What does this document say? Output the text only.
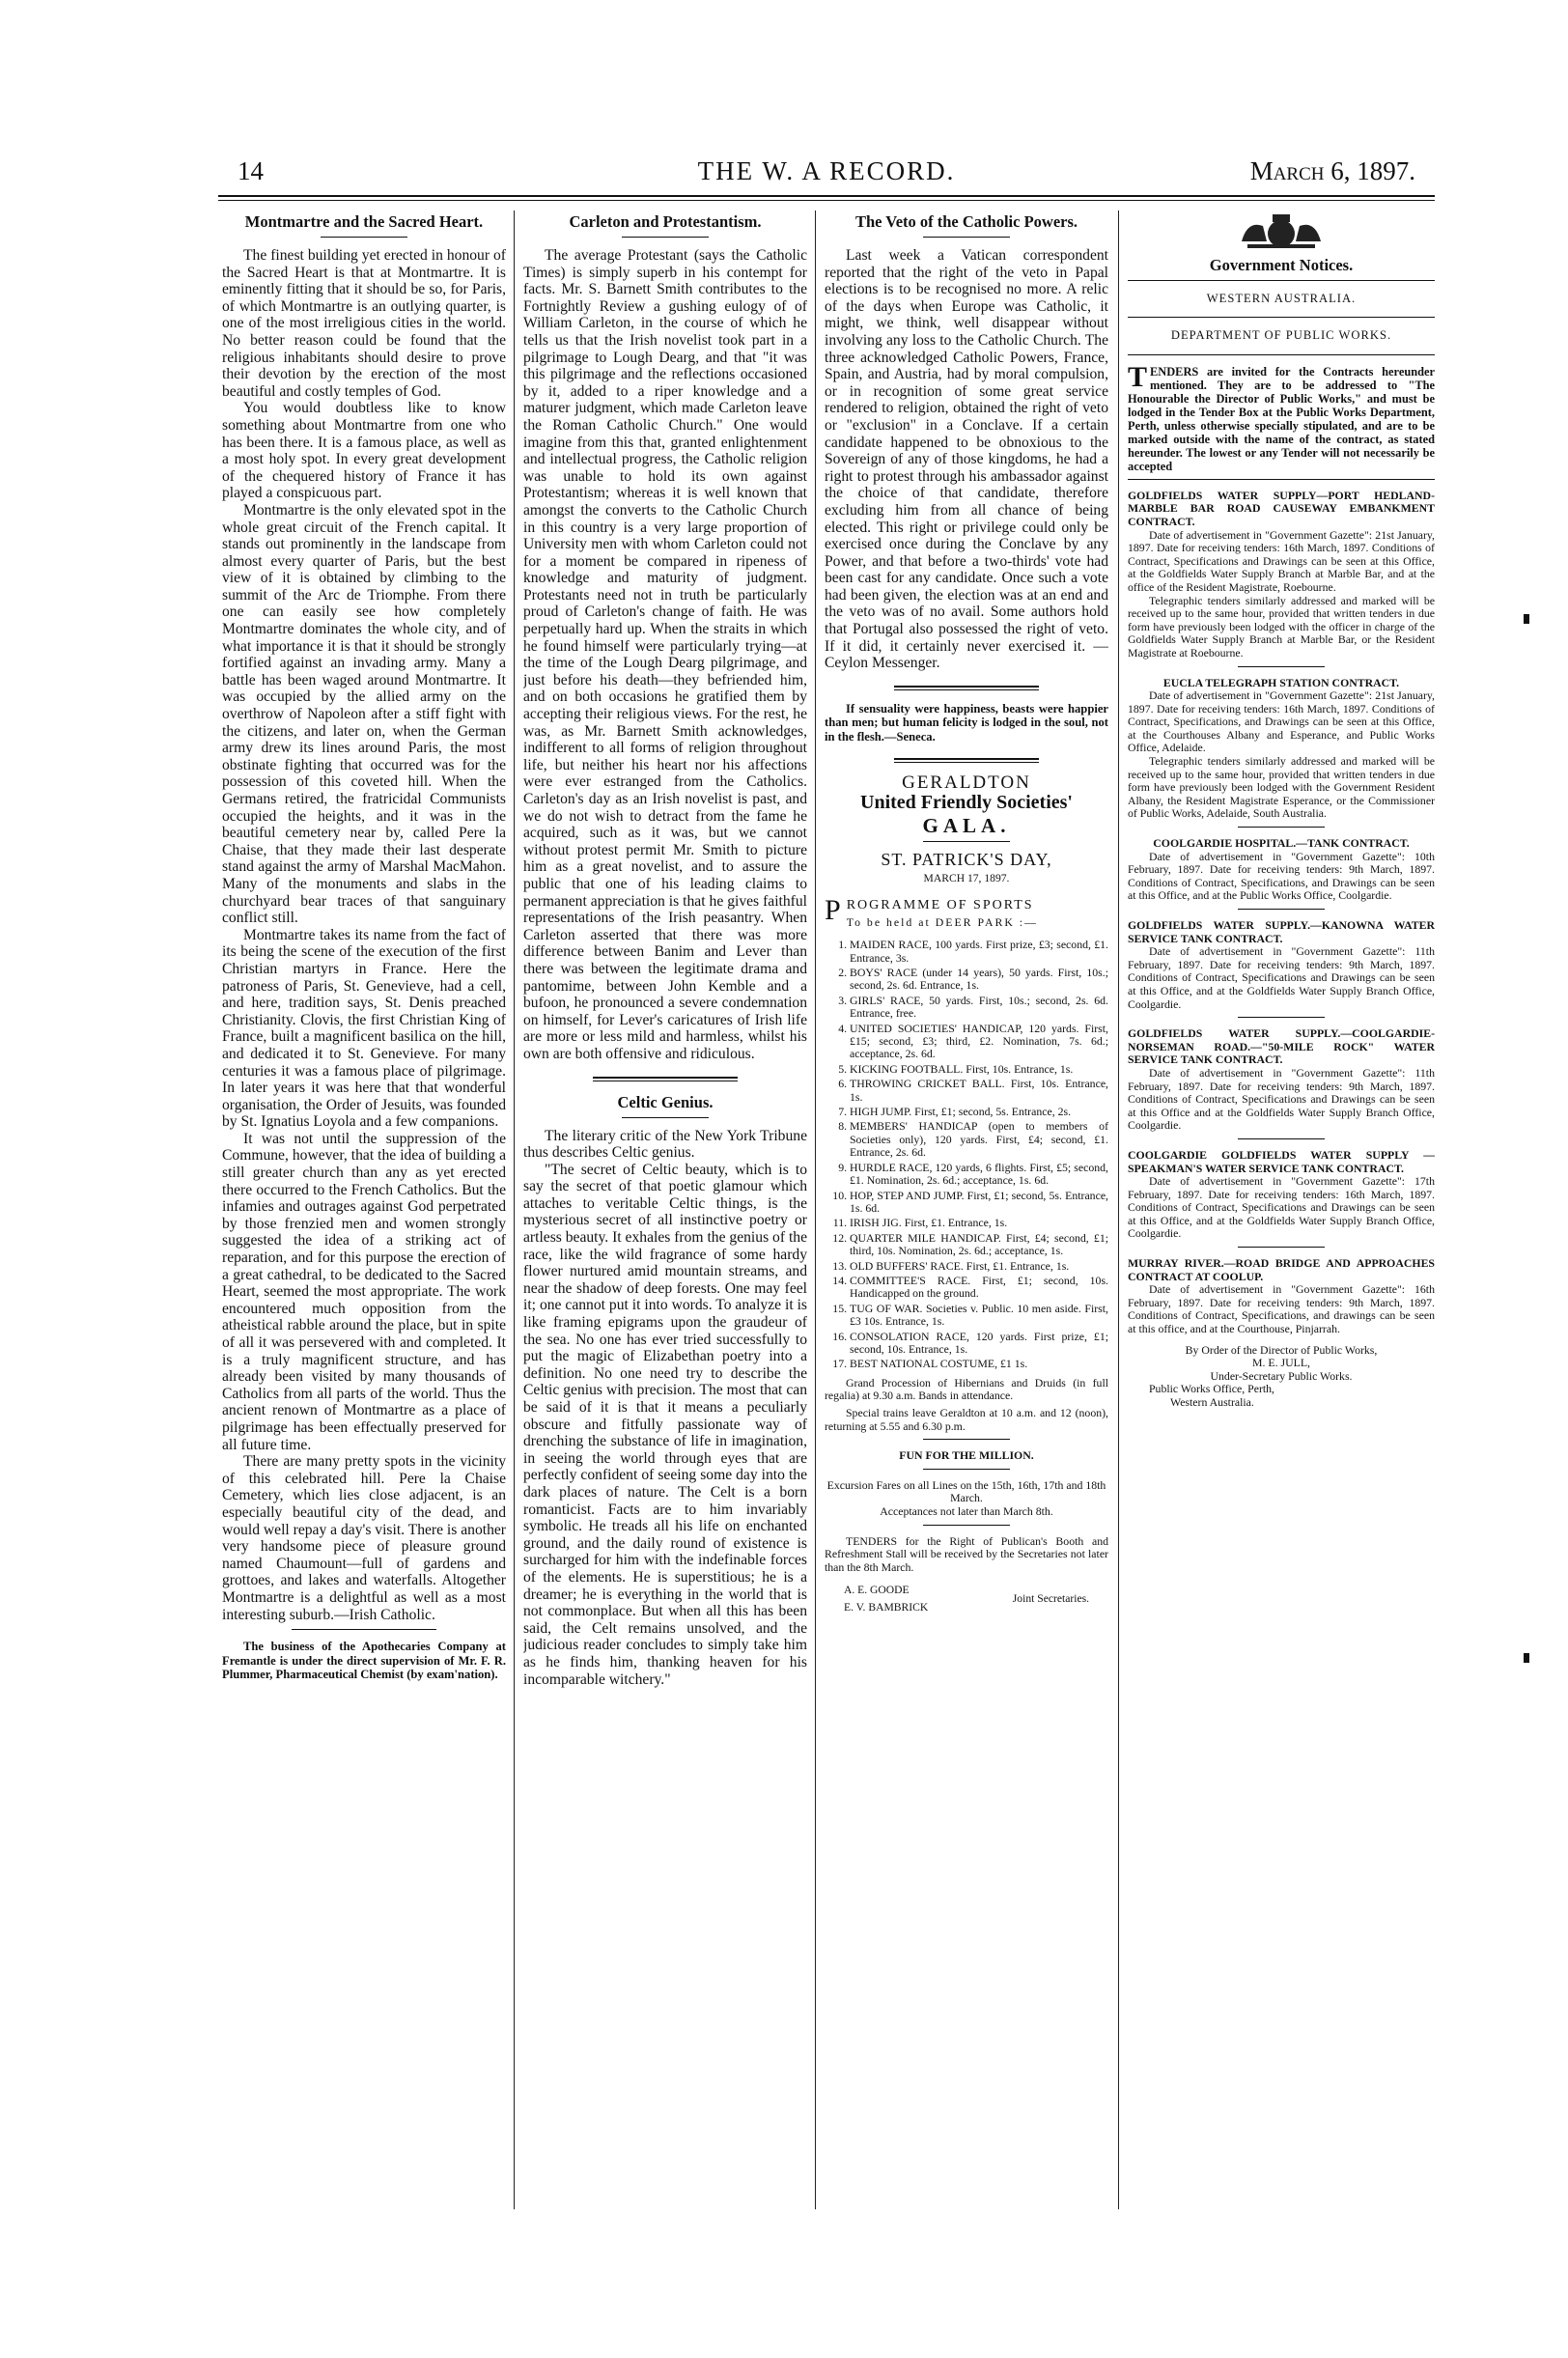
14	THE W. A RECORD.	March 6, 1897.
Montmartre and the Sacred Heart.

The finest building yet erected in honour of the Sacred Heart is that at Montmartre. It is eminently fitting that it should be so, for Paris, of which Montmartre is an outlying quarter, is one of the most irreligious cities in the world. No better reason could be found that the religious inhabitants should desire to prove their devotion by the erection of the most beautiful and costly temples of God.

You would doubtless like to know something about Montmartre from one who has been there. It is a famous place, as well as a most holy spot. In every great development of the chequered history of France it has played a conspicuous part.

Montmartre is the only elevated spot in the whole great circuit of the French capital. It stands out prominently in the landscape from almost every quarter of Paris, but the best view of it is obtained by climbing to the summit of the Arc de Triomphe. From there one can easily see how completely Montmartre dominates the whole city, and of what importance it is that it should be strongly fortified against an invading army. Many a battle has been waged around Montmartre. It was occupied by the allied army on the overthrow of Napoleon after a stiff fight with the citizens, and later on, when the German army drew its lines around Paris, the most obstinate fighting that occurred was for the possession of this coveted hill. When the Germans retired, the fratricidal Communists occupied the heights, and it was in the beautiful cemetery near by, called Pere la Chaise, that they made their last desperate stand against the army of Marshal MacMahon. Many of the monuments and slabs in the churchyard bear traces of that sanguinary conflict still.

Montmartre takes its name from the fact of its being the scene of the execution of the first Christian martyrs in France. Here the patroness of Paris, St. Genevieve, had a cell, and here, tradition says, St. Denis preached Christianity. Clovis, the first Christian King of France, built a magnificent basilica on the hill, and dedicated it to St. Genevieve. For many centuries it was a famous place of pilgrimage. In later years it was here that that wonderful organisation, the Order of Jesuits, was founded by St. Ignatius Loyola and a few companions.

It was not until the suppression of the Commune, however, that the idea of building a still greater church than any as yet erected there occurred to the French Catholics. But the infamies and outrages against God perpetrated by those frenzied men and women strongly suggested the idea of a striking act of reparation, and for this purpose the erection of a great cathedral, to be dedicated to the Sacred Heart, seemed the most appropriate. The work encountered much opposition from the atheistical rabble around the place, but in spite of all it was persevered with and completed. It is a truly magnificent structure, and has already been visited by many thousands of Catholics from all parts of the world. Thus the ancient renown of Montmartre as a place of pilgrimage has been effectually preserved for all future time.

There are many pretty spots in the vicinity of this celebrated hill. Pere la Chaise Cemetery, which lies close adjacent, is an especially beautiful city of the dead, and would well repay a day's visit. There is another very handsome piece of pleasure ground named Chaumount—full of gardens and grottoes, and lakes and waterfalls. Altogether Montmartre is a delightful as well as a most interesting suburb.—Irish Catholic.

The business of the Apothecaries Company at Fremantle is under the direct supervision of Mr. F. R. Plummer, Pharmaceutical Chemist (by exam'nation).

Carleton and Protestantism.

The average Protestant (says the Catholic Times) is simply superb in his contempt for facts. Mr. S. Barnett Smith contributes to the Fortnightly Review a gushing eulogy of of William Carleton, in the course of which he tells us that the Irish novelist took part in a pilgrimage to Lough Dearg, and that "it was this pilgrimage and the reflections occasioned by it, added to a riper knowledge and a maturer judgment, which made Carleton leave the Roman Catholic Church." One would imagine from this that, granted enlightenment and intellectual progress, the Catholic religion was unable to hold its own against Protestantism; whereas it is well known that amongst the converts to the Catholic Church in this country is a very large proportion of University men with whom Carleton could not for a moment be compared in ripeness of knowledge and maturity of judgment. Protestants need not in truth be particularly proud of Carleton's change of faith. He was perpetually hard up. When the straits in which he found himself were particularly trying—at the time of the Lough Dearg pilgrimage, and just before his death—they befriended him, and on both occasions he gratified them by accepting their religious views. For the rest, he was, as Mr. Barnett Smith acknowledges, indifferent to all forms of religion throughout life, but neither his heart nor his affections were ever estranged from the Catholics. Carleton's day as an Irish novelist is past, and we do not wish to detract from the fame he acquired, such as it was, but we cannot without protest permit Mr. Smith to picture him as a great novelist, and to assure the public that one of his leading claims to permanent appreciation is that he gives faithful representations of the Irish peasantry. When Carleton asserted that there was more difference between Banim and Lever than there was between the legitimate drama and pantomime, between John Kemble and a bufoon, he pronounced a severe condemnation on himself, for Lever's caricatures of Irish life are more or less mild and harmless, whilst his own are both offensive and ridiculous.

Celtic Genius.

The literary critic of the New York Tribune thus describes Celtic genius.

"The secret of Celtic beauty, which is to say the secret of that poetic glamour which attaches to veritable Celtic things, is the mysterious secret of all instinctive poetry or artless beauty. It exhales from the genius of the race, like the wild fragrance of some hardy flower nurtured amid mountain streams, and near the shadow of deep forests. One may feel it; one cannot put it into words. To analyze it is like framing epigrams upon the graudeur of the sea. No one has ever tried successfully to put the magic of Elizabethan poetry into a definition. No one need try to describe the Celtic genius with precision. The most that can be said of it is that it means a peculiarly obscure and fitfully passionate way of drenching the substance of life in imagination, in seeing the world through eyes that are perfectly confident of seeing some day into the dark places of nature. The Celt is a born romanticist. Facts are to him invariably symbolic. He treads all his life on enchanted ground, and the daily round of existence is surcharged for him with the indefinable forces of the elements. He is superstitious; he is a dreamer; he is everything in the world that is not commonplace. But when all this has been said, the Celt remains unsolved, and the judicious reader concludes to simply take him as he finds him, thanking heaven for his incomparable witchery."

The Veto of the Catholic Powers.

Last week a Vatican correspondent reported that the right of the veto in Papal elections is to be recognised no more. A relic of the days when Europe was Catholic, it might, we think, well disappear without involving any loss to the Catholic Church. The three acknowledged Catholic Powers, France, Spain, and Austria, had by moral compulsion, or in recognition of some great service rendered to religion, obtained the right of veto or "exclusion" in a Conclave. If a certain candidate happened to be obnoxious to the Sovereign of any of those kingdoms, he had a right to protest through his ambassador against the choice of that candidate, therefore excluding him from all chance of being elected. This right or privilege could only be exercised once during the Conclave by any Power, and that before a two-thirds' vote had been cast for any candidate. Once such a vote had been given, the election was at an end and the veto was of no avail. Some authors hold that Portugal also possessed the right of veto. If it did, it certainly never exercised it. —Ceylon Messenger.

If sensuality were happiness, beasts were happier than men; but human felicity is lodged in the soul, not in the flesh.—Seneca.

GERALDTON
United Friendly Societies'
GALA.
ST. PATRICK'S DAY,
MARCH 17, 1897.
P ROGRAMME OF SPORTS
To be held at DEER PARK :—
1. MAIDEN RACE, 100 yards. First prize, £3; second, £1. Entrance, 3s.
2. BOYS' RACE (under 14 years), 50 yards. First, 10s.; second, 2s. 6d. Entrance, 1s.
3. GIRLS' RACE, 50 yards. First, 10s.; second, 2s. 6d. Entrance, free.
4. UNITED SOCIETIES' HANDICAP, 120 yards. First, £15; second, £3; third, £2. Nomination, 7s. 6d.; acceptance, 2s. 6d.
5. KICKING FOOTBALL. First, 10s. Entrance, 1s.
6. THROWING CRICKET BALL. First, 10s. Entrance, 1s.
7. HIGH JUMP. First, £1; second, 5s. Entrance, 2s.
8. MEMBERS' HANDICAP (open to members of Societies only), 120 yards. First, £4; second, £1. Entrance, 2s. 6d.
9. HURDLE RACE, 120 yards, 6 flights. First, £5; second, £1. Nomination, 2s. 6d.; acceptance, 1s. 6d.
10. HOP, STEP AND JUMP. First, £1; second, 5s. Entrance, 1s. 6d.
11. IRISH JIG. First, £1. Entrance, 1s.
12. QUARTER MILE HANDICAP. First, £4; second, £1; third, 10s. Nomination, 2s. 6d.; acceptance, 1s.
13. OLD BUFFERS' RACE. First, £1. Entrance, 1s.
14. COMMITTEE'S RACE. First, £1; second, 10s. Handicapped on the ground.
15. TUG OF WAR. Societies v. Public. 10 men aside. First, £3 10s. Entrance, 1s.
16. CONSOLATION RACE, 120 yards. First prize, £1; second, 10s. Entrance, 1s.
17. BEST NATIONAL COSTUME, £1 1s.

Grand Procession of Hibernians and Druids (in full regalia) at 9.30 a.m. Bands in attendance.

Special trains leave Geraldton at 10 a.m. and 12 (noon), returning at 5.55 and 6.30 p.m.

FUN FOR THE MILLION.

Excursion Fares on all Lines on the 15th, 16th, 17th and 18th March.

Acceptances not later than March 8th.

TENDERS for the Right of Publican's Booth and Refreshment Stall will be received by the Secretaries not later than the 8th March.

A. E. GOODE
E. V. BAMBRICK
Joint Secretaries.
Government Notices.
WESTERN AUSTRALIA.
DEPARTMENT OF PUBLIC WORKS.

T ENDERS are invited for the Contracts hereunder mentioned. They are to be addressed to "The Honourable the Director of Public Works," and must be lodged in the Tender Box at the Public Works Department, Perth, unless otherwise specially stipulated, and are to be marked outside with the name of the contract, as stated hereunder. The lowest or any Tender will not necessarily be accepted

GOLDFIELDS WATER SUPPLY—PORT HEDLAND-MARBLE BAR ROAD CAUSEWAY EMBANKMENT CONTRACT.

Date of advertisement in "Government Gazette": 21st January, 1897. Date for receiving tenders: 16th March, 1897. Conditions of Contract, Specifications and Drawings can be seen at this Office, at the Goldfields Water Supply Branch at Marble Bar, and at the office of the Resident Magistrate, Roebourne.

Telegraphic tenders similarly addressed and marked will be received up to the same hour, provided that written tenders in due form have previously been lodged with the officer in charge of the Goldfields Water Supply Branch at Marble Bar, or the Resident Magistrate at Roebourne.

EUCLA TELEGRAPH STATION CONTRACT.

Date of advertisement in "Government Gazette": 21st January, 1897. Date for receiving tenders: 16th March, 1897. Conditions of Contract, Specifications, and Drawings can be seen at this Office, at the Courthouses Albany and Esperance, and Public Works Office, Adelaide.

Telegraphic tenders similarly addressed and marked will be received up to the same hour, provided that written tenders in due form have previously been lodged with the Government Resident Albany, the Resident Magistrate Esperance, or the Commissioner of Public Works, Adelaide, South Australia.

COOLGARDIE HOSPITAL.—TANK CONTRACT.

Date of advertisement in "Government Gazette": 10th February, 1897. Date for receiving tenders: 9th March, 1897. Conditions of Contract, Specifications, and Drawings can be seen at this Office, and at the Public Works Office, Coolgardie.

GOLDFIELDS WATER SUPPLY.—KANOWNA WATER SERVICE TANK CONTRACT.

Date of advertisement in "Government Gazette": 11th February, 1897. Date for receiving tenders: 9th March, 1897. Conditions of Contract, Specifications and Drawings can be seen at this Office, and at the Goldfields Water Supply Branch Office, Coolgardie.

GOLDFIELDS WATER SUPPLY.—COOLGARDIE-NORSEMAN ROAD.—"50-MILE ROCK" WATER SERVICE TANK CONTRACT.

Date of advertisement in "Government Gazette": 11th February, 1897. Date for receiving tenders: 9th March, 1897. Conditions of Contract, Specifications and Drawings can be seen at this Office and at the Goldfields Water Supply Branch Office, Coolgardie.

COOLGARDIE GOLDFIELDS WATER SUPPLY — SPEAKMAN'S WATER SERVICE TANK CONTRACT.

Date of advertisement in "Government Gazette": 17th February, 1897. Date for receiving tenders: 16th March, 1897. Conditions of Contract, Specifications and Drawings can be seen at this Office, and at the Goldfields Water Supply Branch Office, Coolgardie.

MURRAY RIVER.—ROAD BRIDGE AND APPROACHES CONTRACT AT COOLUP.

Date of advertisement in "Government Gazette": 16th February, 1897. Date for receiving tenders: 9th March, 1897. Conditions of Contract, Specifications, and drawings can be seen at this office, and at the Courthouse, Pinjarrah.

By Order of the Director of Public Works,

M. E. JULL,

Under-Secretary Public Works.

Public Works Office, Perth,

Western Australia.
